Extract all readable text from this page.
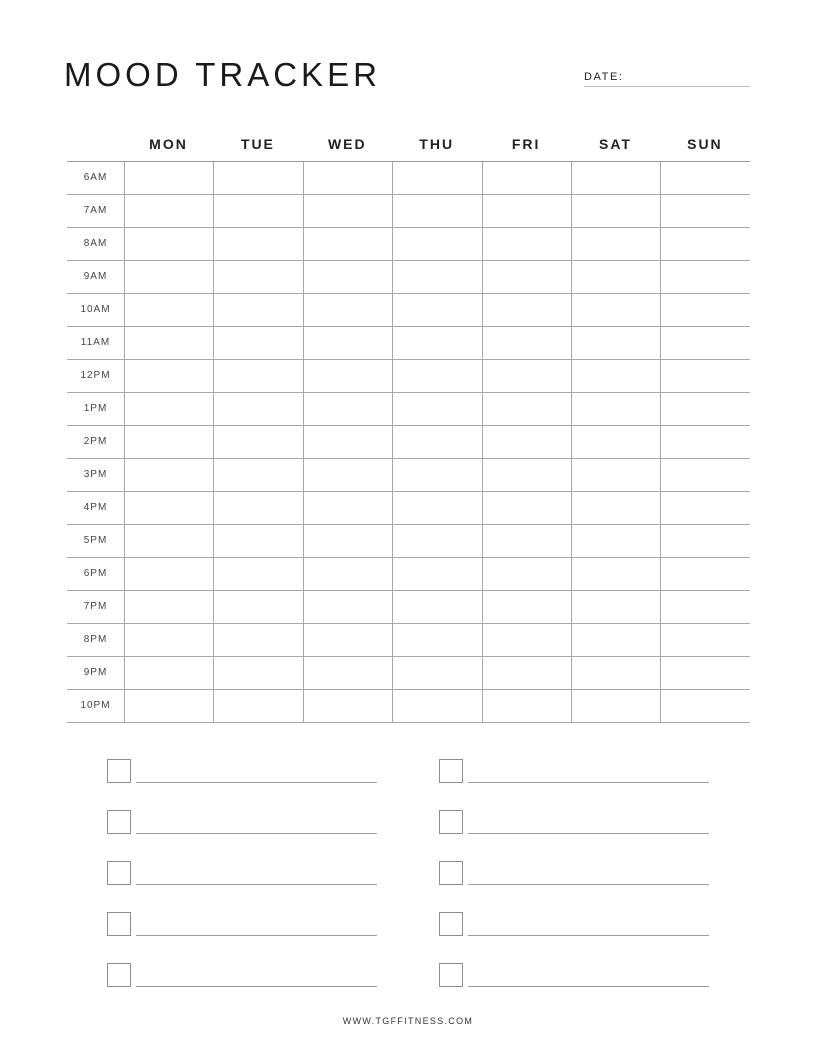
MOOD TRACKER	DATE:
MON	TUE	WED	THU	FRI	SAT	SUN
6AM
7AM
8AM
9AM
10AM
11AM
12PM
1PM
2PM
3PM
4PM
5PM
6PM
7PM
8PM
9PM
10PM
WWW.TGFFITNESS.COM
